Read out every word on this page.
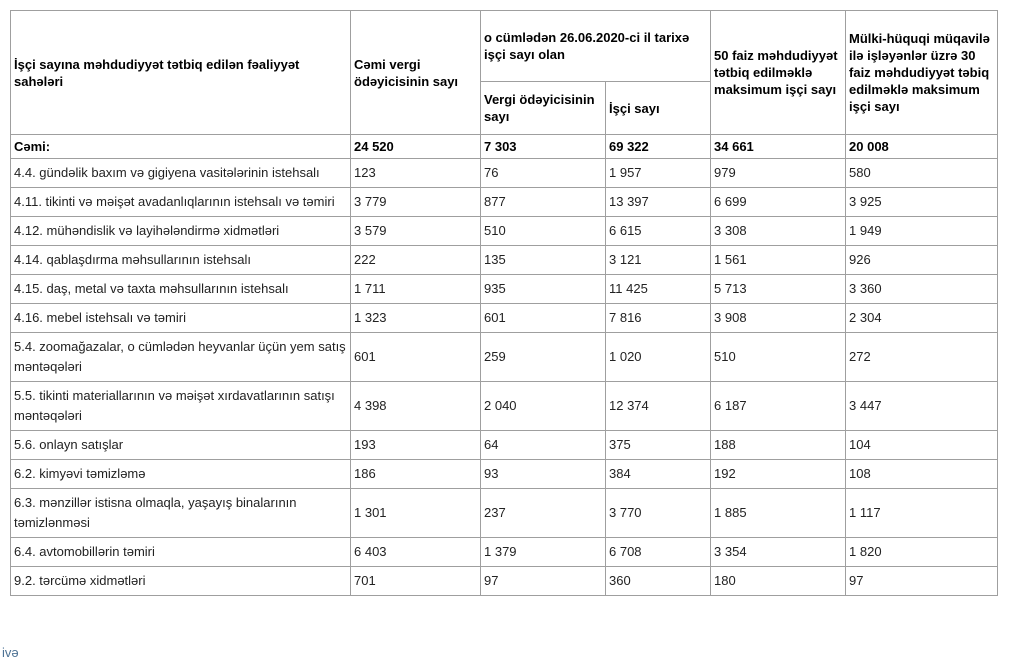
İşçi sayına məhdudiyyət tətbiq edilən fəaliyyət sahələri	Cəmi vergi ödəyicisinin sayı	o cümlədən 26.06.2020-ci il tarixə işçi sayı olan		50 faiz məhdudiyyət tətbiq edilməklə maksimum işçi sayı	Mülki-hüquqi müqavilə ilə işləyənlər üzrə 30 faiz məhdudiyyət təbiq edilməklə maksimum işçi sayı
		Vergi ödəyicisinin sayı	İşçi sayı		
Cəmi:	24 520	7 303	69 322	34 661	20 008
4.4. gündəlik baxım və gigiyena vasitələrinin istehsalı	123	76	1 957	979	580
4.11. tikinti və məişət avadanlıqlarının istehsalı və təmiri	3 779	877	13 397	6 699	3 925
4.12. mühəndislik və layihələndirmə xidmətləri	3 579	510	6 615	3 308	1 949
4.14. qablaşdırma məhsullarının istehsalı	222	135	3 121	1 561	926
4.15. daş, metal və taxta məhsullarının istehsalı	1 711	935	11 425	5 713	3 360
4.16. mebel istehsalı və təmiri	1 323	601	7 816	3 908	2 304
5.4. zoomağazalar, o cümlədən heyvanlar üçün yem satış məntəqələri	601	259	1 020	510	272
5.5. tikinti materiallarının və məişət xırdavatlarının satışı məntəqələri	4 398	2 040	12 374	6 187	3 447
5.6. onlayn satışlar	193	64	375	188	104
6.2. kimyəvi təmizləmə	186	93	384	192	108
6.3. mənzillər istisna olmaqla, yaşayış binalarının təmizlənməsi	1 301	237	3 770	1 885	1 117
6.4. avtomobillərin təmiri	6 403	1 379	6 708	3 354	1 820
9.2. tərcümə xidmətləri	701	97	360	180	97
ivə
